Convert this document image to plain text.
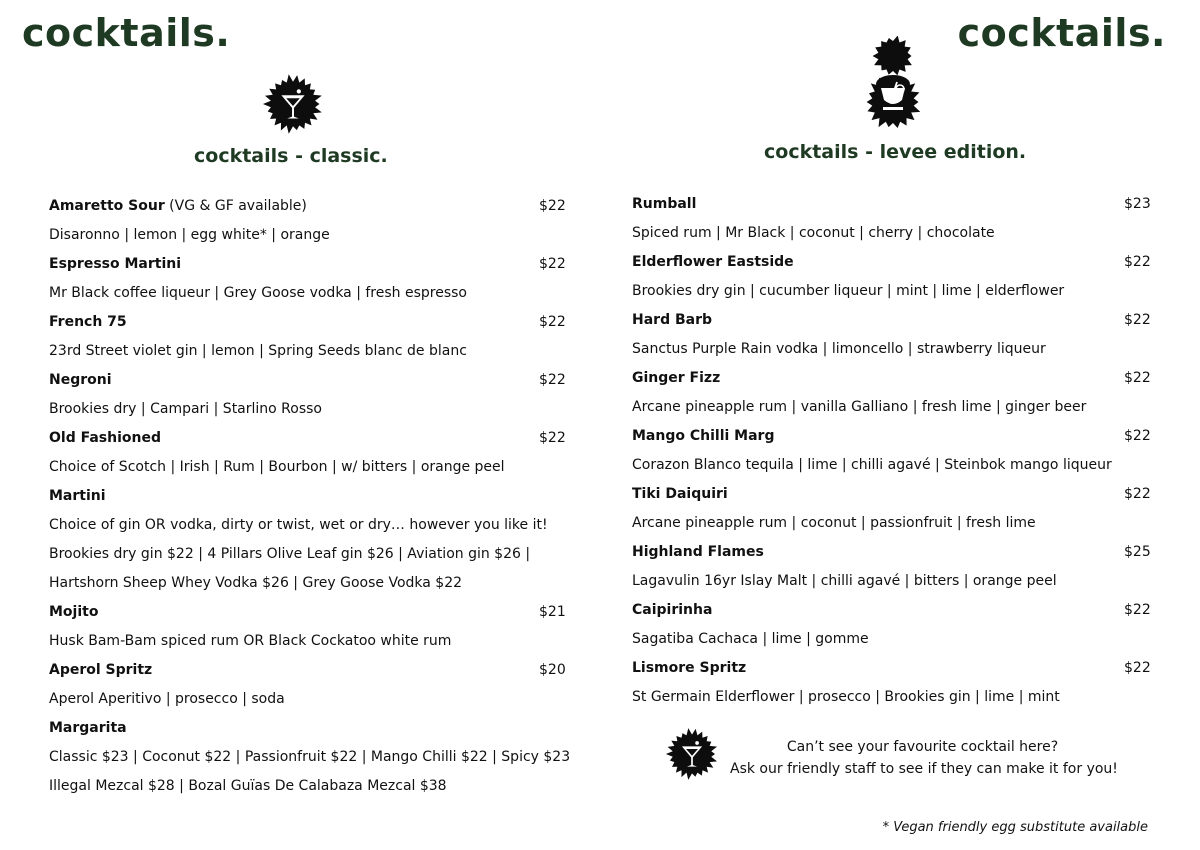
cocktails.	cocktails.
cocktails - classic.	cocktails - levee edition.
Amaretto Sour (VG & GF available)	$22
Disaronno | lemon | egg white* | orange
Espresso Martini	$22
Mr Black coffee liqueur | Grey Goose vodka | fresh espresso
French 75	$22
23rd Street violet gin | lemon | Spring Seeds blanc de blanc
Negroni	$22
Brookies dry | Campari | Starlino Rosso
Old Fashioned	$22
Choice of Scotch | Irish | Rum | Bourbon | w/ bitters | orange peel
Martini
Choice of gin OR vodka, dirty or twist, wet or dry… however you like it!
Brookies dry gin $22 | 4 Pillars Olive Leaf gin $26 | Aviation gin $26 |
Hartshorn Sheep Whey Vodka $26 | Grey Goose Vodka $22
Mojito	$21
Husk Bam-Bam spiced rum OR Black Cockatoo white rum
Aperol Spritz	$20
Aperol Aperitivo | prosecco | soda
Margarita
Classic $23 | Coconut $22 | Passionfruit $22 | Mango Chilli $22 | Spicy $23
Illegal Mezcal $28 | Bozal Guïas De Calabaza Mezcal $38
Rumball	$23
Spiced rum | Mr Black | coconut | cherry | chocolate
Elderflower Eastside	$22
Brookies dry gin | cucumber liqueur | mint | lime | elderflower
Hard Barb	$22
Sanctus Purple Rain vodka | limoncello | strawberry liqueur
Ginger Fizz	$22
Arcane pineapple rum | vanilla Galliano | fresh lime | ginger beer
Mango Chilli Marg	$22
Corazon Blanco tequila | lime | chilli agavé | Steinbok mango liqueur
Tiki Daiquiri	$22
Arcane pineapple rum | coconut | passionfruit | fresh lime
Highland Flames	$25
Lagavulin 16yr Islay Malt | chilli agavé | bitters | orange peel
Caipirinha	$22
Sagatiba Cachaca | lime | gomme
Lismore Spritz	$22
St Germain Elderflower | prosecco | Brookies gin | lime | mint
Can’t see your favourite cocktail here?
Ask our friendly staff to see if they can make it for you!
* Vegan friendly egg substitute available
